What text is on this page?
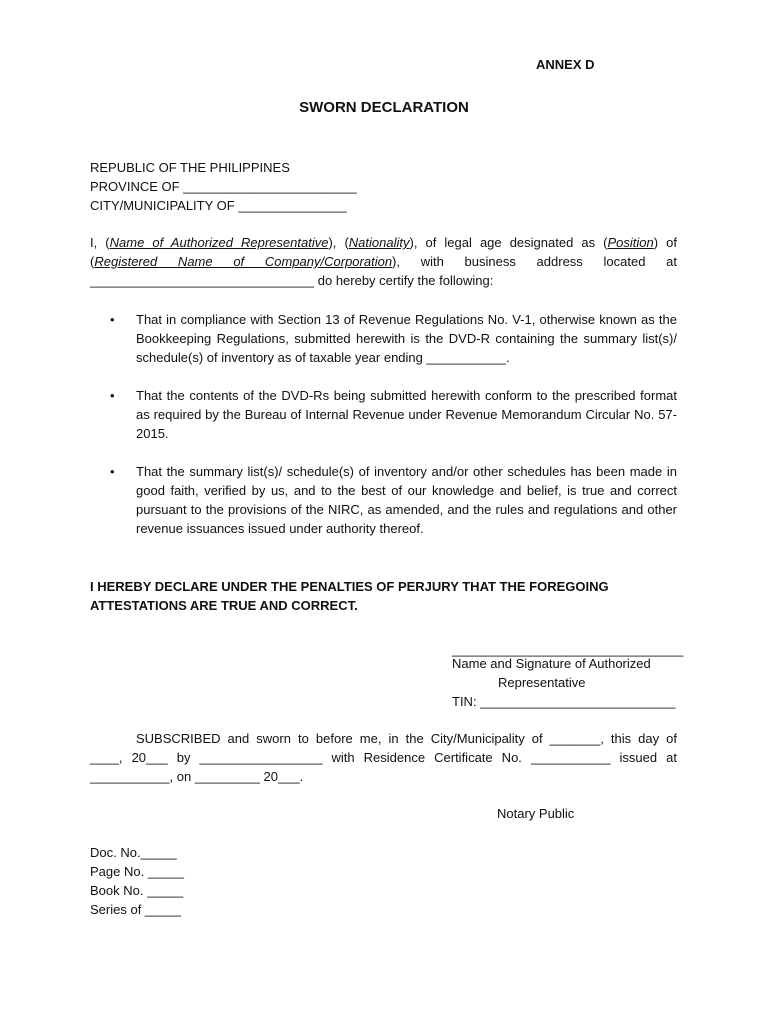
ANNEX D
SWORN DECLARATION
REPUBLIC OF THE PHILIPPINES
PROVINCE OF ________________________
CITY/MUNICIPALITY OF _______________
I, (Name of Authorized Representative), (Nationality), of legal age designated as (Position) of
(Registered Name of Company/Corporation), with business address located at
_______________________________ do hereby certify the following:
• That in compliance with Section 13 of Revenue Regulations No. V-1, otherwise known as the Bookkeeping Regulations, submitted herewith is the DVD-R containing the summary list(s)/ schedule(s) of inventory as of taxable year ending ___________.
• That the contents of the DVD-Rs being submitted herewith conform to the prescribed format as required by the Bureau of Internal Revenue under Revenue Memorandum Circular No. 57-2015.
• That the summary list(s)/ schedule(s) of inventory and/or other schedules has been made in good faith, verified by us, and to the best of our knowledge and belief, is true and correct pursuant to the provisions of the NIRC, as amended, and the rules and regulations and other revenue issuances issued under authority thereof.
I HEREBY DECLARE UNDER THE PENALTIES OF PERJURY THAT THE FOREGOING ATTESTATIONS ARE TRUE AND CORRECT.
________________________________
Name and Signature of Authorized
Representative
TIN: ___________________________
SUBSCRIBED and sworn to before me, in the City/Municipality of _______, this day of
____, 20___ by _________________ with Residence Certificate No. ___________ issued at
___________, on _________ 20___.
Notary Public
Doc. No._____
Page No. _____
Book No. _____
Series of _____
